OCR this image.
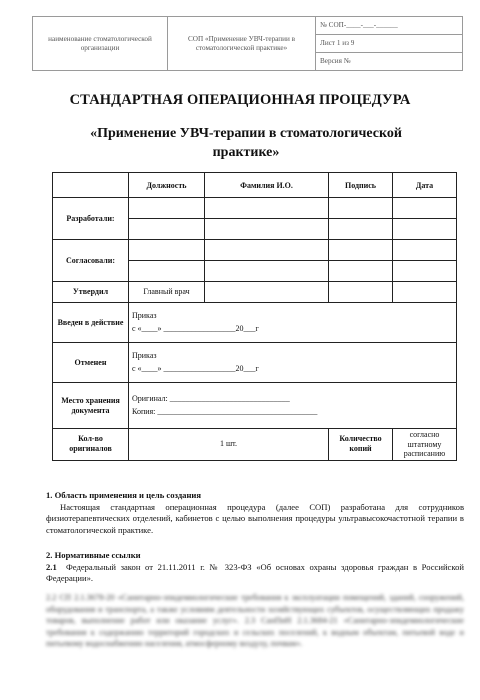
наименование стоматологической организации	СОП «Применение УВЧ-терапии в стоматологической практике»	№ СОП-____-___-______
Лист 1 из 9
Версия №
СТАНДАРТНАЯ ОПЕРАЦИОННАЯ ПРОЦЕДУРА
«Применение УВЧ-терапии в стоматологической практике»
	Должность	Фамилия И.О.	Подпись	Дата
Разработали:				

Согласовали:				

Утвердил	Главный врач			
Введен в действие	Приказ
с «____» __________________20___г			

Отменен	Приказ
с «____» __________________20___г			

Место хранения документа	Оригинал: ______________________________
Копия: ________________________________________			

Кол-во оригиналов	1 шт.		Количество копий	согласно штатному расписанию
1. Область применения и цель создания
Настоящая стандартная операционная процедура (далее СОП) разработана для сотрудников физиотерапевтических отделений, кабинетов с целью выполнения процедуры ультравысокочастотной терапии в стоматологической практике.
2. Нормативные ссылки
2.1 Федеральный закон от 21.11.2011 г. № 323-ФЗ «Об основах охраны здоровья граждан в Российской Федерации».
2.2 СП 2.1.3678-20 «Санитарно-эпидемиологические требования к эксплуатации помещений, зданий, сооружений, оборудования и транспорта, а также условиям деятельности хозяйствующих субъектов, осуществляющих продажу товаров, выполнение работ или оказание услуг». 2.3 СанПиН 2.1.3684-21 «Санитарно-эпидемиологические требования к содержанию территорий городских и сельских поселений, к водным объектам, питьевой воде и питьевому водоснабжению населения, атмосферному воздуху, почвам».
